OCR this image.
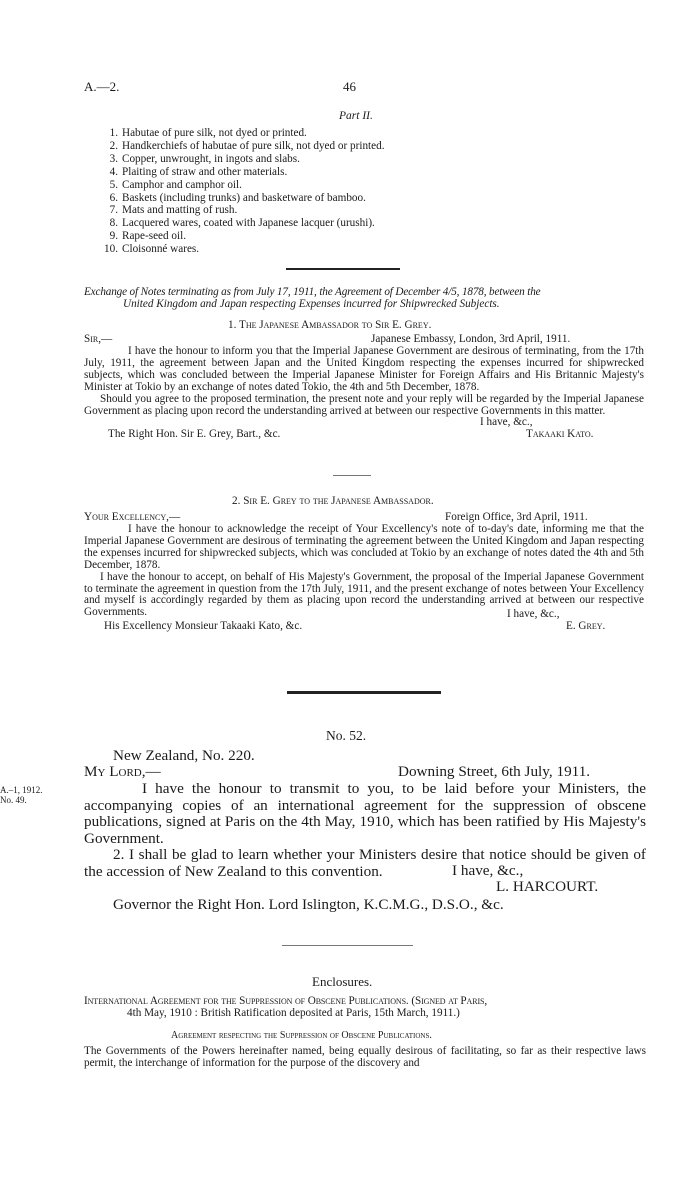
A.—2.	46
Part II.
1. Habutae of pure silk, not dyed or printed.
2. Handkerchiefs of habutae of pure silk, not dyed or printed.
3. Copper, unwrought, in ingots and slabs.
4. Plaiting of straw and other materials.
5. Camphor and camphor oil.
6. Baskets (including trunks) and basketware of bamboo.
7. Mats and matting of rush.
8. Lacquered wares, coated with Japanese lacquer (urushi).
9. Rape-seed oil.
10. Cloisonné wares.
Exchange of Notes terminating as from July 17, 1911, the Agreement of December 4/5, 1878, between the
United Kingdom and Japan respecting Expenses incurred for Shipwrecked Subjects.
1. The Japanese Ambassador to Sir E. Grey.
Sir,—	Japanese Embassy, London, 3rd April, 1911.

I have the honour to inform you that the Imperial Japanese Government are desirous of terminating, from the 17th July, 1911, the agreement between Japan and the United Kingdom respecting the expenses incurred for shipwrecked subjects, which was concluded between the Imperial Japanese Minister for Foreign Affairs and His Britannic Majesty's Minister at Tokio by an exchange of notes dated Tokio, the 4th and 5th December, 1878.

Should you agree to the proposed termination, the present note and your reply will be regarded by the Imperial Japanese Government as placing upon record the understanding arrived at between our respective Governments in this matter.

I have, &c.,
The Right Hon. Sir E. Grey, Bart., &c.	Takaaki Kato.
2. Sir E. Grey to the Japanese Ambassador.
Your Excellency,—	Foreign Office, 3rd April, 1911.

I have the honour to acknowledge the receipt of Your Excellency's note of to-day's date, informing me that the Imperial Japanese Government are desirous of terminating the agreement between the United Kingdom and Japan respecting the expenses incurred for shipwrecked subjects, which was concluded at Tokio by an exchange of notes dated the 4th and 5th December, 1878.

I have the honour to accept, on behalf of His Majesty's Government, the proposal of the Imperial Japanese Government to terminate the agreement in question from the 17th July, 1911, and the present exchange of notes between Your Excellency and myself is accordingly regarded by them as placing upon record the understanding arrived at between our respective Governments.	I have, &c.,
His Excellency Monsieur Takaaki Kato, &c.	E. Grey.
No. 52.
New Zealand, No. 220.
My Lord,—	Downing Street, 6th July, 1911.
A.–1, 1912.
No. 49.

I have the honour to transmit to you, to be laid before your Ministers, the accompanying copies of an international agreement for the suppression of obscene publications, signed at Paris on the 4th May, 1910, which has been ratified by His Majesty's Government.

2. I shall be glad to learn whether your Ministers desire that notice should be given of the accession of New Zealand to this convention.	I have, &c.,
L. HARCOURT.
Governor the Right Hon. Lord Islington, K.C.M.G., D.S.O., &c.
Enclosures.
International Agreement for the Suppression of Obscene Publications. (Signed at Paris,
4th May, 1910 : British Ratification deposited at Paris, 15th March, 1911.)
Agreement respecting the Suppression of Obscene Publications.

The Governments of the Powers hereinafter named, being equally desirous of facilitating, so far as their respective laws permit, the interchange of information for the purpose of the discovery and
